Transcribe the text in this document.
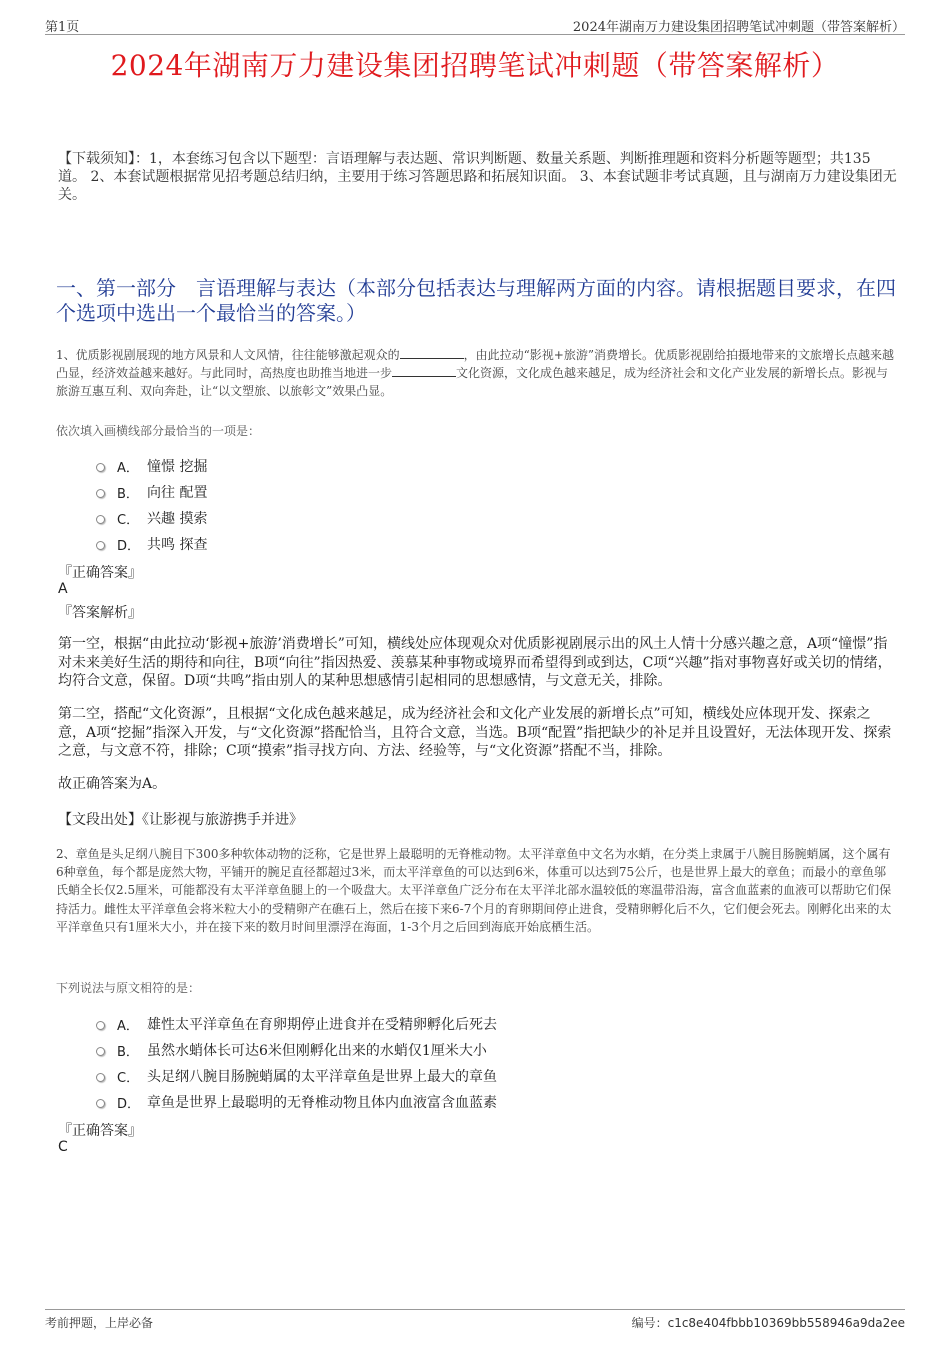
第1页	2024年湖南万力建设集团招聘笔试冲刺题（带答案解析）
2024年湖南万力建设集团招聘笔试冲刺题（带答案解析）
【下载须知】：1，本套练习包含以下题型：言语理解与表达题、常识判断题、数量关系题、判断推理题和资料分析题等题型；共135道。 2、本套试题根据常见招考题总结归纳，主要用于练习答题思路和拓展知识面。 3、本套试题非考试真题，且与湖南万力建设集团无关。
一、第一部分　言语理解与表达（本部分包括表达与理解两方面的内容。请根据题目要求，在四个选项中选出一个最恰当的答案。）
1、优质影视剧展现的地方风景和人文风情，往往能够激起观众的	，由此拉动“影视+旅游”消费增长。优质影视剧给拍摄地带来的文旅增长点越来越凸显，经济效益越来越好。与此同时，高热度也助推当地进一步	文化资源，文化成色越来越足，成为经济社会和文化产业发展的新增长点。影视与旅游互惠互利、双向奔赴，让“以文塑旅、以旅彰文”效果凸显。
依次填入画横线部分最恰当的一项是：
A． 憧憬 挖掘
B． 向往 配置
C． 兴趣 摸索
D． 共鸣 探查
『正确答案』
A
『答案解析』
第一空，根据“由此拉动‘影视+旅游’消费增长”可知，横线处应体现观众对优质影视剧展示出的风土人情十分感兴趣之意，A项“憧憬”指对未来美好生活的期待和向往，B项“向往”指因热爱、羡慕某种事物或境界而希望得到或到达，C项“兴趣”指对事物喜好或关切的情绪，均符合文意，保留。D项“共鸣”指由别人的某种思想感情引起相同的思想感情，与文意无关，排除。
第二空，搭配“文化资源”，且根据“文化成色越来越足，成为经济社会和文化产业发展的新增长点”可知，横线处应体现开发、探索之意，A项“挖掘”指深入开发，与“文化资源”搭配恰当，且符合文意，当选。B项“配置”指把缺少的补足并且设置好，无法体现开发、探索之意，与文意不符，排除；C项“摸索”指寻找方向、方法、经验等，与“文化资源”搭配不当，排除。
故正确答案为A。
【文段出处】《让影视与旅游携手并进》
2、章鱼是头足纲八腕目下300多种软体动物的泛称，它是世界上最聪明的无脊椎动物。太平洋章鱼中文名为水蛸，在分类上隶属于八腕目肠腕蛸属，这个属有6种章鱼，每个都是庞然大物，平铺开的腕足直径都超过3米，而太平洋章鱼的可以达到6米，体重可以达到75公斤，也是世界上最大的章鱼；而最小的章鱼邬氏蛸全长仅2.5厘米，可能都没有太平洋章鱼腿上的一个吸盘大。太平洋章鱼广泛分布在太平洋北部水温较低的寒温带沿海，富含血蓝素的血液可以帮助它们保持活力。雌性太平洋章鱼会将米粒大小的受精卵产在礁石上，然后在接下来6-7个月的育卵期间停止进食，受精卵孵化后不久，它们便会死去。刚孵化出来的太平洋章鱼只有1厘米大小，并在接下来的数月时间里漂浮在海面，1-3个月之后回到海底开始底栖生活。
下列说法与原文相符的是：
A． 雄性太平洋章鱼在育卵期停止进食并在受精卵孵化后死去
B． 虽然水蛸体长可达6米但刚孵化出来的水蛸仅1厘米大小
C． 头足纲八腕目肠腕蛸属的太平洋章鱼是世界上最大的章鱼
D． 章鱼是世界上最聪明的无脊椎动物且体内血液富含血蓝素
『正确答案』
C
考前押题，上岸必备	编号：c1c8e404fbbb10369bb558946a9da2ee
